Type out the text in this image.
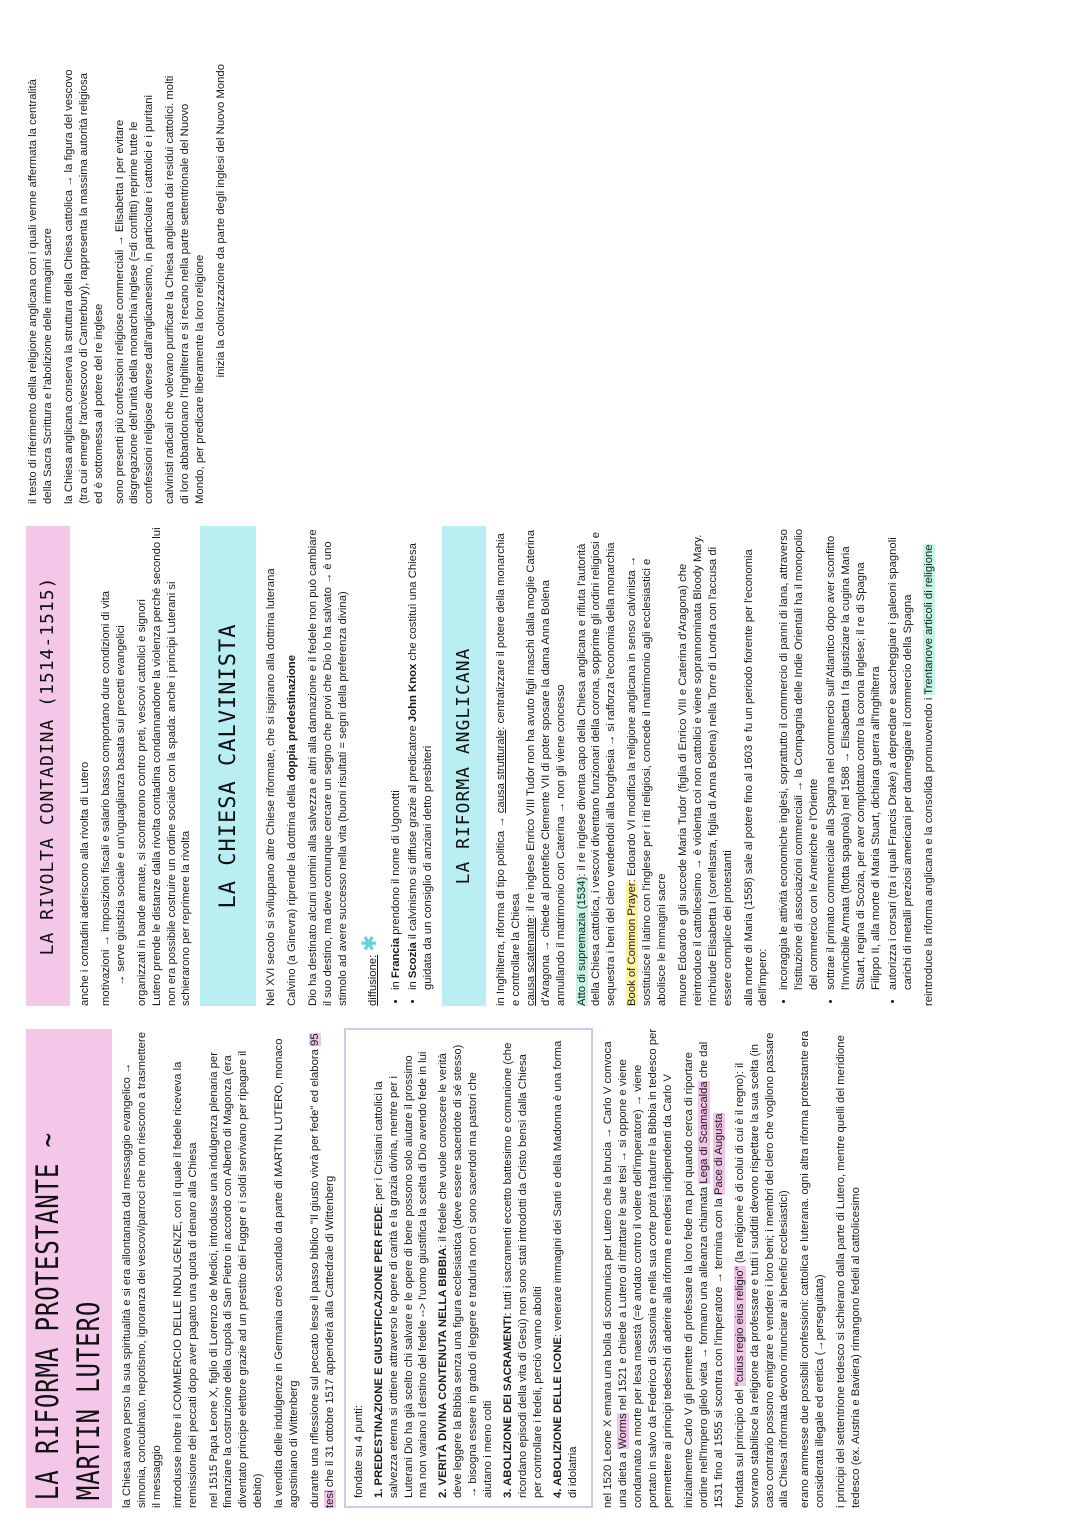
LA RIFORMA PROTESTANTE ~ MARTIN LUTERO la Chiesa aveva perso la sua spiritualità e si era allontanata dal messaggio evangelico → simonia, concubinato, nepotismo, ignoranza dei vescovi/parroci che non riescono a trasmettere il messaggio introdusse inoltre il COMMERCIO DELLE INDULGENZE, con il quale il fedele riceveva la remissione dei peccati dopo aver pagato una quota di denaro alla Chiesa nel 1515 Papa Leone X, figlio di Lorenzo de Medici, introdusse una indulgenza plenaria per finanziare la costruzione della cupola di San Pietro in accordo con Alberto di Magonza (era diventato principe elettore grazie ad un prestito dei Fugger e i soldi servivano per ripagare il debito) la vendita delle indulgenze in Germania creò scandalo da parte di MARTIN LUTERO, monaco agostiniano di Wittenberg durante una riflessione sul peccato lesse il passo biblico "Il giusto vivrà per fede" ed elabora 95 tesi che il 31 ottobre 1517 appenderà alla Cattedrale di Wittenberg fondate su 4 punti: 1. PREDESTINAZIONE E GIUSTIFICAZIONE PER FEDE: per i Cristiani cattolici la salvezza eterna si ottiene attraverso le opere di carità e la grazia divina, mentre per i Luterani Dio ha già scelto chi salvare e le opere di bene possono solo aiutare il prossimo ma non variano il destino del fedele --> l'uomo giustifica la scelta di Dio avendo fede in lui 2. VERITÀ DIVINA CONTENUTA NELLA BIBBIA: il fedele che vuole conoscere le verità deve leggere la Bibbia senza una figura ecclesiastica (deve essere sacerdote di sé stesso) → bisogna essere in grado di leggere e tradurla non ci sono sacerdoti ma pastori che aiutano i meno colti 3. ABOLIZIONE DEI SACRAMENTI: tutti i sacramenti eccetto battesimo e comunione (che ricordano episodi della vita di Gesù) non sono stati introdotti da Cristo bensì dalla Chiesa per controllare i fedeli, perciò vanno aboliti 4. ABOLIZIONE DELLE ICONE: venerare immagini dei Santi e della Madonna è una forma di idolatria nel 1520 Leone X emana una bolla di scomunica per Lutero che la brucia → Carlo V convoca una dieta a Worms nel 1521 e chiede a Lutero di ritrattare le sue tesi → si oppone e viene condannato a morte per lesa maestà (=è andato contro il volere dell'imperatore) → viene portato in salvo da Federico di Sassonia e nella sua corte potrà tradurre la Bibbia in tedesco per permettere ai principi tedeschi di aderire alla riforma e rendersi indipendenti da Carlo V inizialmente Carlo V gli permette di professare la loro fede ma poi quando cerca di riportare ordine nell'Impero glielo vieta → formano una alleanza chiamata Lega di Scamacalda che dal 1531 fino al 1555 si scontra con l'imperatore → termina con la Pace di Augusta

fondata sul principio del "cuius regio eius religio" (la religione è di colui di cui è il regno): il sovrano stabilisce la religione da professare e tutti i sudditi devono rispettare la sua scelta (in caso contrario possono emigrare e vendere i loro beni; i membri del clero che vogliono passare alla Chiesa riformata devono rinunciare ai benefici ecclesiastici) erano ammesse due possibili confessioni: cattolica e luterana. ogni altra riforma protestante era considerata illegale ed eretica (→perseguitata) i principi del settentrione tedesco si schierano dalla parte di Lutero, mentre quelli del meridione tedesco (ex. Austria e Baviera) rimangono fedeli al cattolicesimo

LA RIVOLTA CONTADINA (1514-1515) anche i contadini aderiscono alla rivolta di Lutero motivazioni → imposizioni fiscali e salario basso comportano dure condizioni di vita → serve giustizia sociale e un'uguaglianza basata sui precetti evangelici organizzati in bande armate, si scontrarono contro preti, vescovi cattolici e signori Lutero prende le distanze dalla rivolta contadina condannandone la violenza perché secondo lui non era possibile costruire un ordine sociale con la spada: anche i principi Luterani si schierarono per reprimere la rivolta

LA CHIESA CALVINISTA Nel XVI secolo si sviluppano altre Chiese riformate, che si ispirano alla dottrina luterana Calvino (a Ginevra) riprende la dottrina della doppia predestinazione Dio ha destinato alcuni uomini alla salvezza e altri alla dannazione e il fedele non può cambiare il suo destino, ma deve comunque cercare un segno che provi che Dio lo ha salvato → è uno stimolo ad avere successo nella vita (buoni risultati = segni della preferenza divina)	diffusione: ✱

• in Francia prendono il nome di Ugonotti
• in Scozia il calvinismo si diffuse grazie al predicatore John Knox che costituì una Chiesa guidata da un consiglio di anziani detto presbiteri LA RIFORMA ANGLICANA

in Inghilterra, riforma di tipo politica → causa strutturale: centralizzare il potere della monarchia e controllare la Chiesa causa scatenante: il re inglese Enrico VIII Tudor non ha avuto figli maschi dalla moglie Caterina d'Aragona → chiede al pontefice Clemente VII di poter sposare la dama Anna Bolena annullando il matrimonio con Caterina → non gli viene concesso Atto di supremazia (1534): il re inglese diventa capo della Chiesa anglicana e rifiuta l'autorità della Chiesa cattolica, i vescovi diventano funzionari della corona, sopprime gli ordini religiosi e sequestra i beni del clero vendendoli alla borghesia → si rafforza l'economia della monarchia Book of Common Prayer: Edoardo VI modifica la religione anglicana in senso calvinista → sostituisce il latino con l'inglese per i riti religiosi, concede il matrimonio agli ecclesiastici e abolisce le immagini sacre muore Edoardo e gli succede Maria Tudor (figlia di Enrico VIII e Caterina d'Aragona) che reintroduce il cattolicesimo → è violenta coi non cattolici e viene soprannominata Bloody Mary. rinchiude Elisabetta I (sorellastra, figlia di Anna Bolena) nella Torre di Londra con l'accusa di essere complice dei protestanti alla morte di Maria (1558) sale al potere fino al 1603 e fu un periodo fiorente per l'economia dell'impero: • incoraggia le attività economiche inglesi, soprattutto il commercio di panni di lana, attraverso l'istituzione di associazioni commerciali → la Compagnia delle Indie Orientali ha il monopolio del commercio con le Americhe e l'Oriente • sottrae il primato commerciale alla Spagna nel commercio sull'Atlantico dopo aver sconfitto l'Invincibile Armata (flotta spagnola) nel 1588 → Elisabetta I fa giustiziare la cugina Maria Stuart, regina di Scozia, per aver complottato contro la corona inglese; il re di Spagna Filippo II, alla morte di Maria Stuart, dichiara guerra all'Inghilterra • autorizza i corsari (tra i quali Francis Drake) a depredare e saccheggiare i galeoni spagnoli carichi di metalli preziosi americani per danneggiare il commercio della Spagna reintroduce la riforma anglicana e la consolida promuovendo i Trentanove articoli di religione

il testo di riferimento della religione anglicana con i quali venne affermata la centralità della Sacra Scrittura e l'abolizione delle immagini sacre la Chiesa anglicana conserva la struttura della Chiesa cattolica → la figura del vescovo (tra cui emerge l'arcivescovo di Canterbury), rappresenta la massima autorità religiosa ed è sottomessa al potere del re inglese sono presenti più confessioni religiose commerciali → Elisabetta I per evitare disgregazione dell'unità della monarchia inglese (=di conflitti) reprime tutte le confessioni religiose diverse dall'anglicanesimo, in particolare i cattolici e i puritani calvinisti radicali che volevano purificare la Chiesa anglicana dai residui cattolici. molti di loro abbandonano l'Inghilterra e si recano nella parte settentrionale del Nuovo Mondo, per predicare liberamente la loro religione

inizia la colonizzazione da parte degli inglesi del Nuovo Mondo
